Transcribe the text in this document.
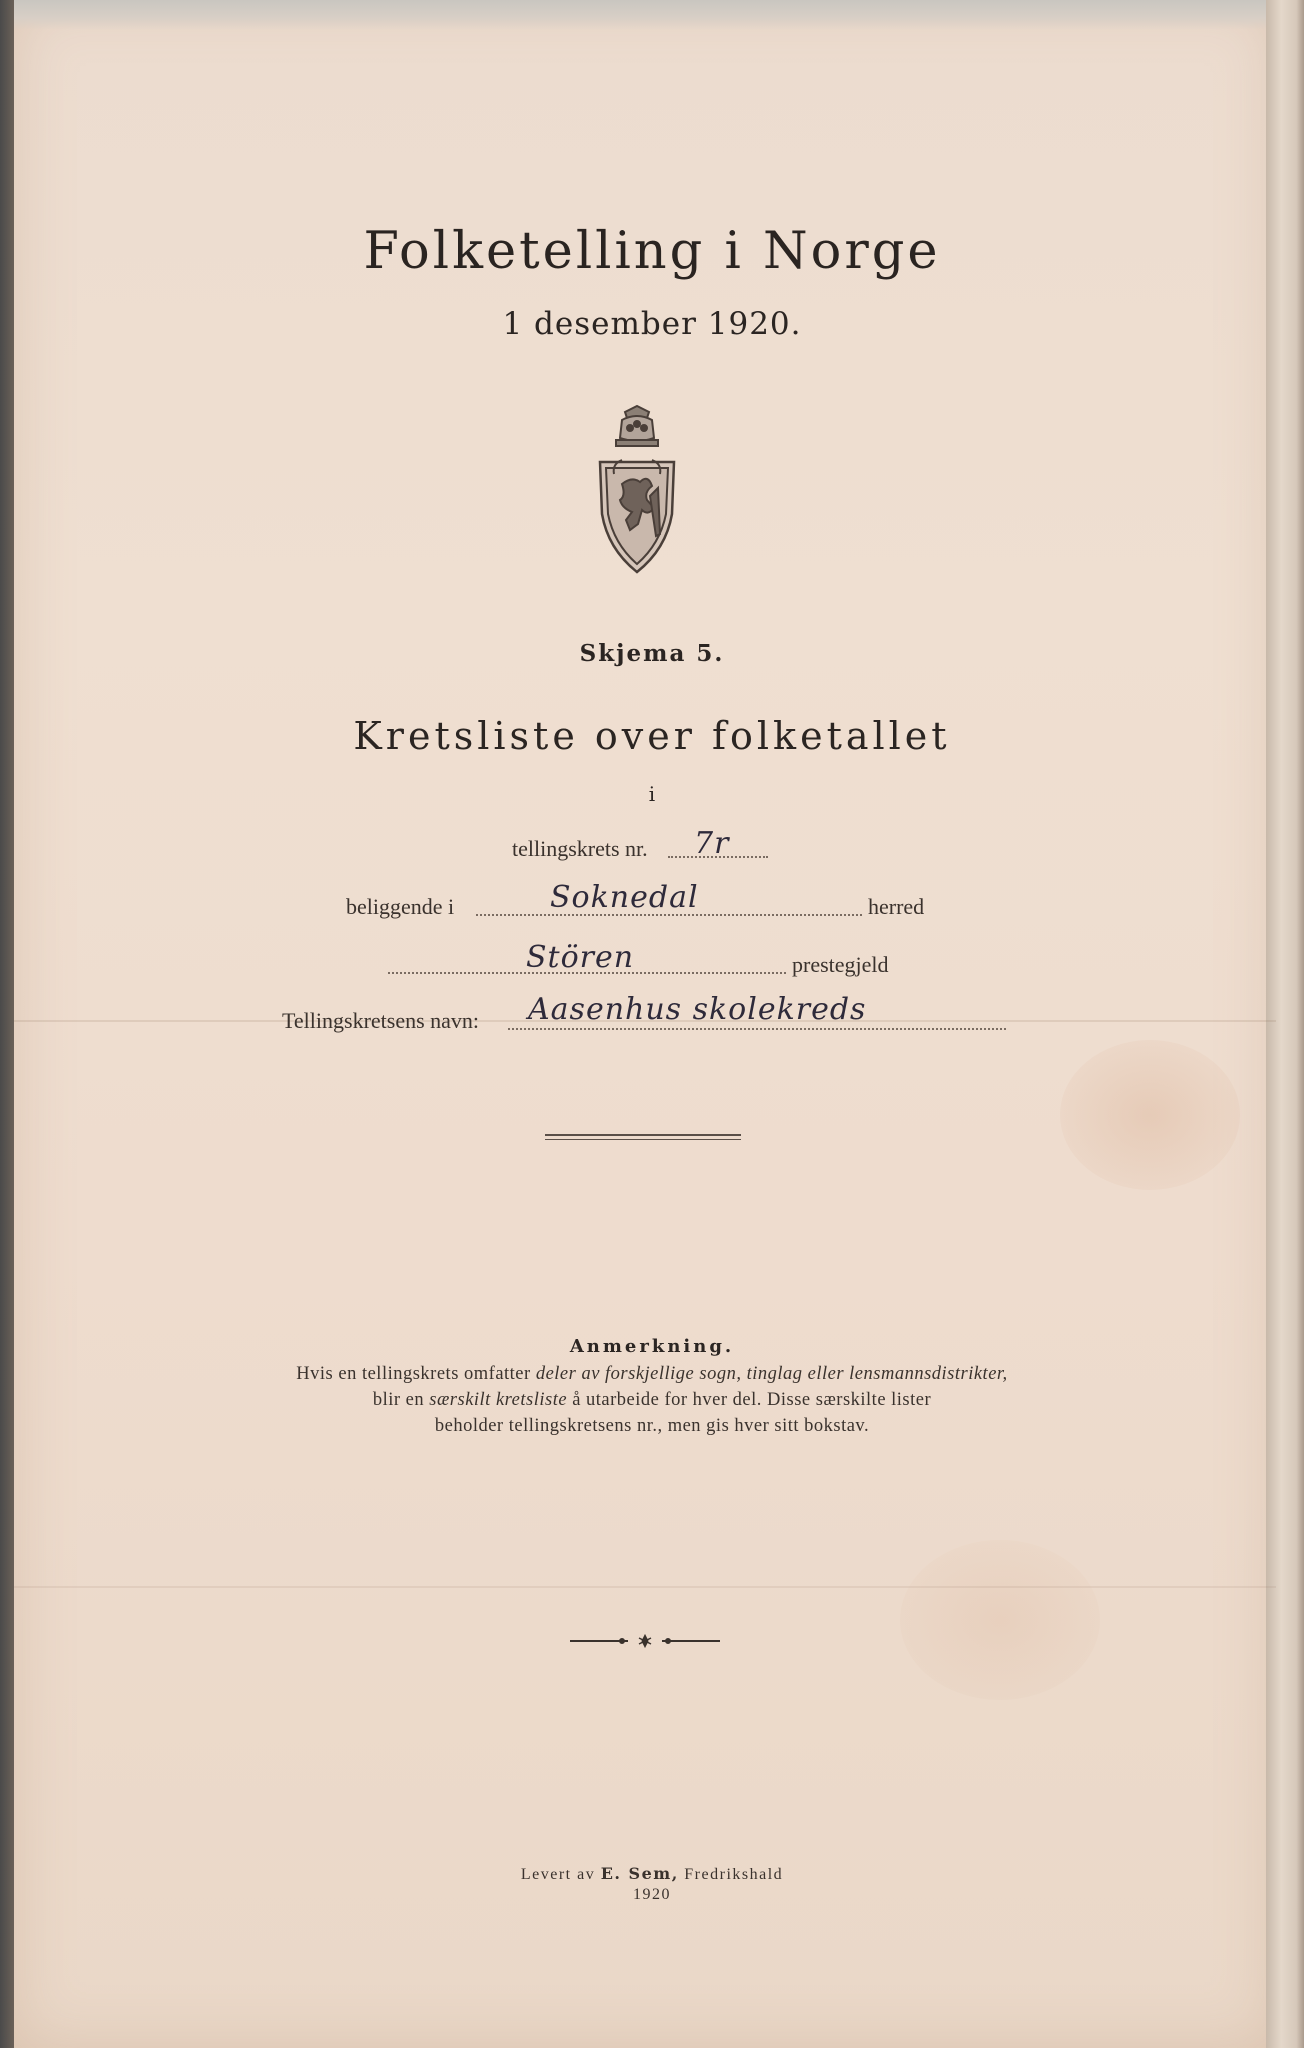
Folketelling i Norge
1 desember 1920.
Skjema 5.
Kretsliste over folketallet
i
tellingskrets nr. 7r
beliggende i	Soknedal	herred
Stören	prestegjeld
Tellingskretsens navn: Aasenhus skolekreds
Anmerkning.
Hvis en tellingskrets omfatter deler av forskjellige sogn, tinglag eller lensmannsdistrikter,
blir en særskilt kretsliste å utarbeide for hver del. Disse særskilte lister
beholder tellingskretsens nr., men gis hver sitt bokstav.
Levert av E. Sem, Fredrikshald
1920
